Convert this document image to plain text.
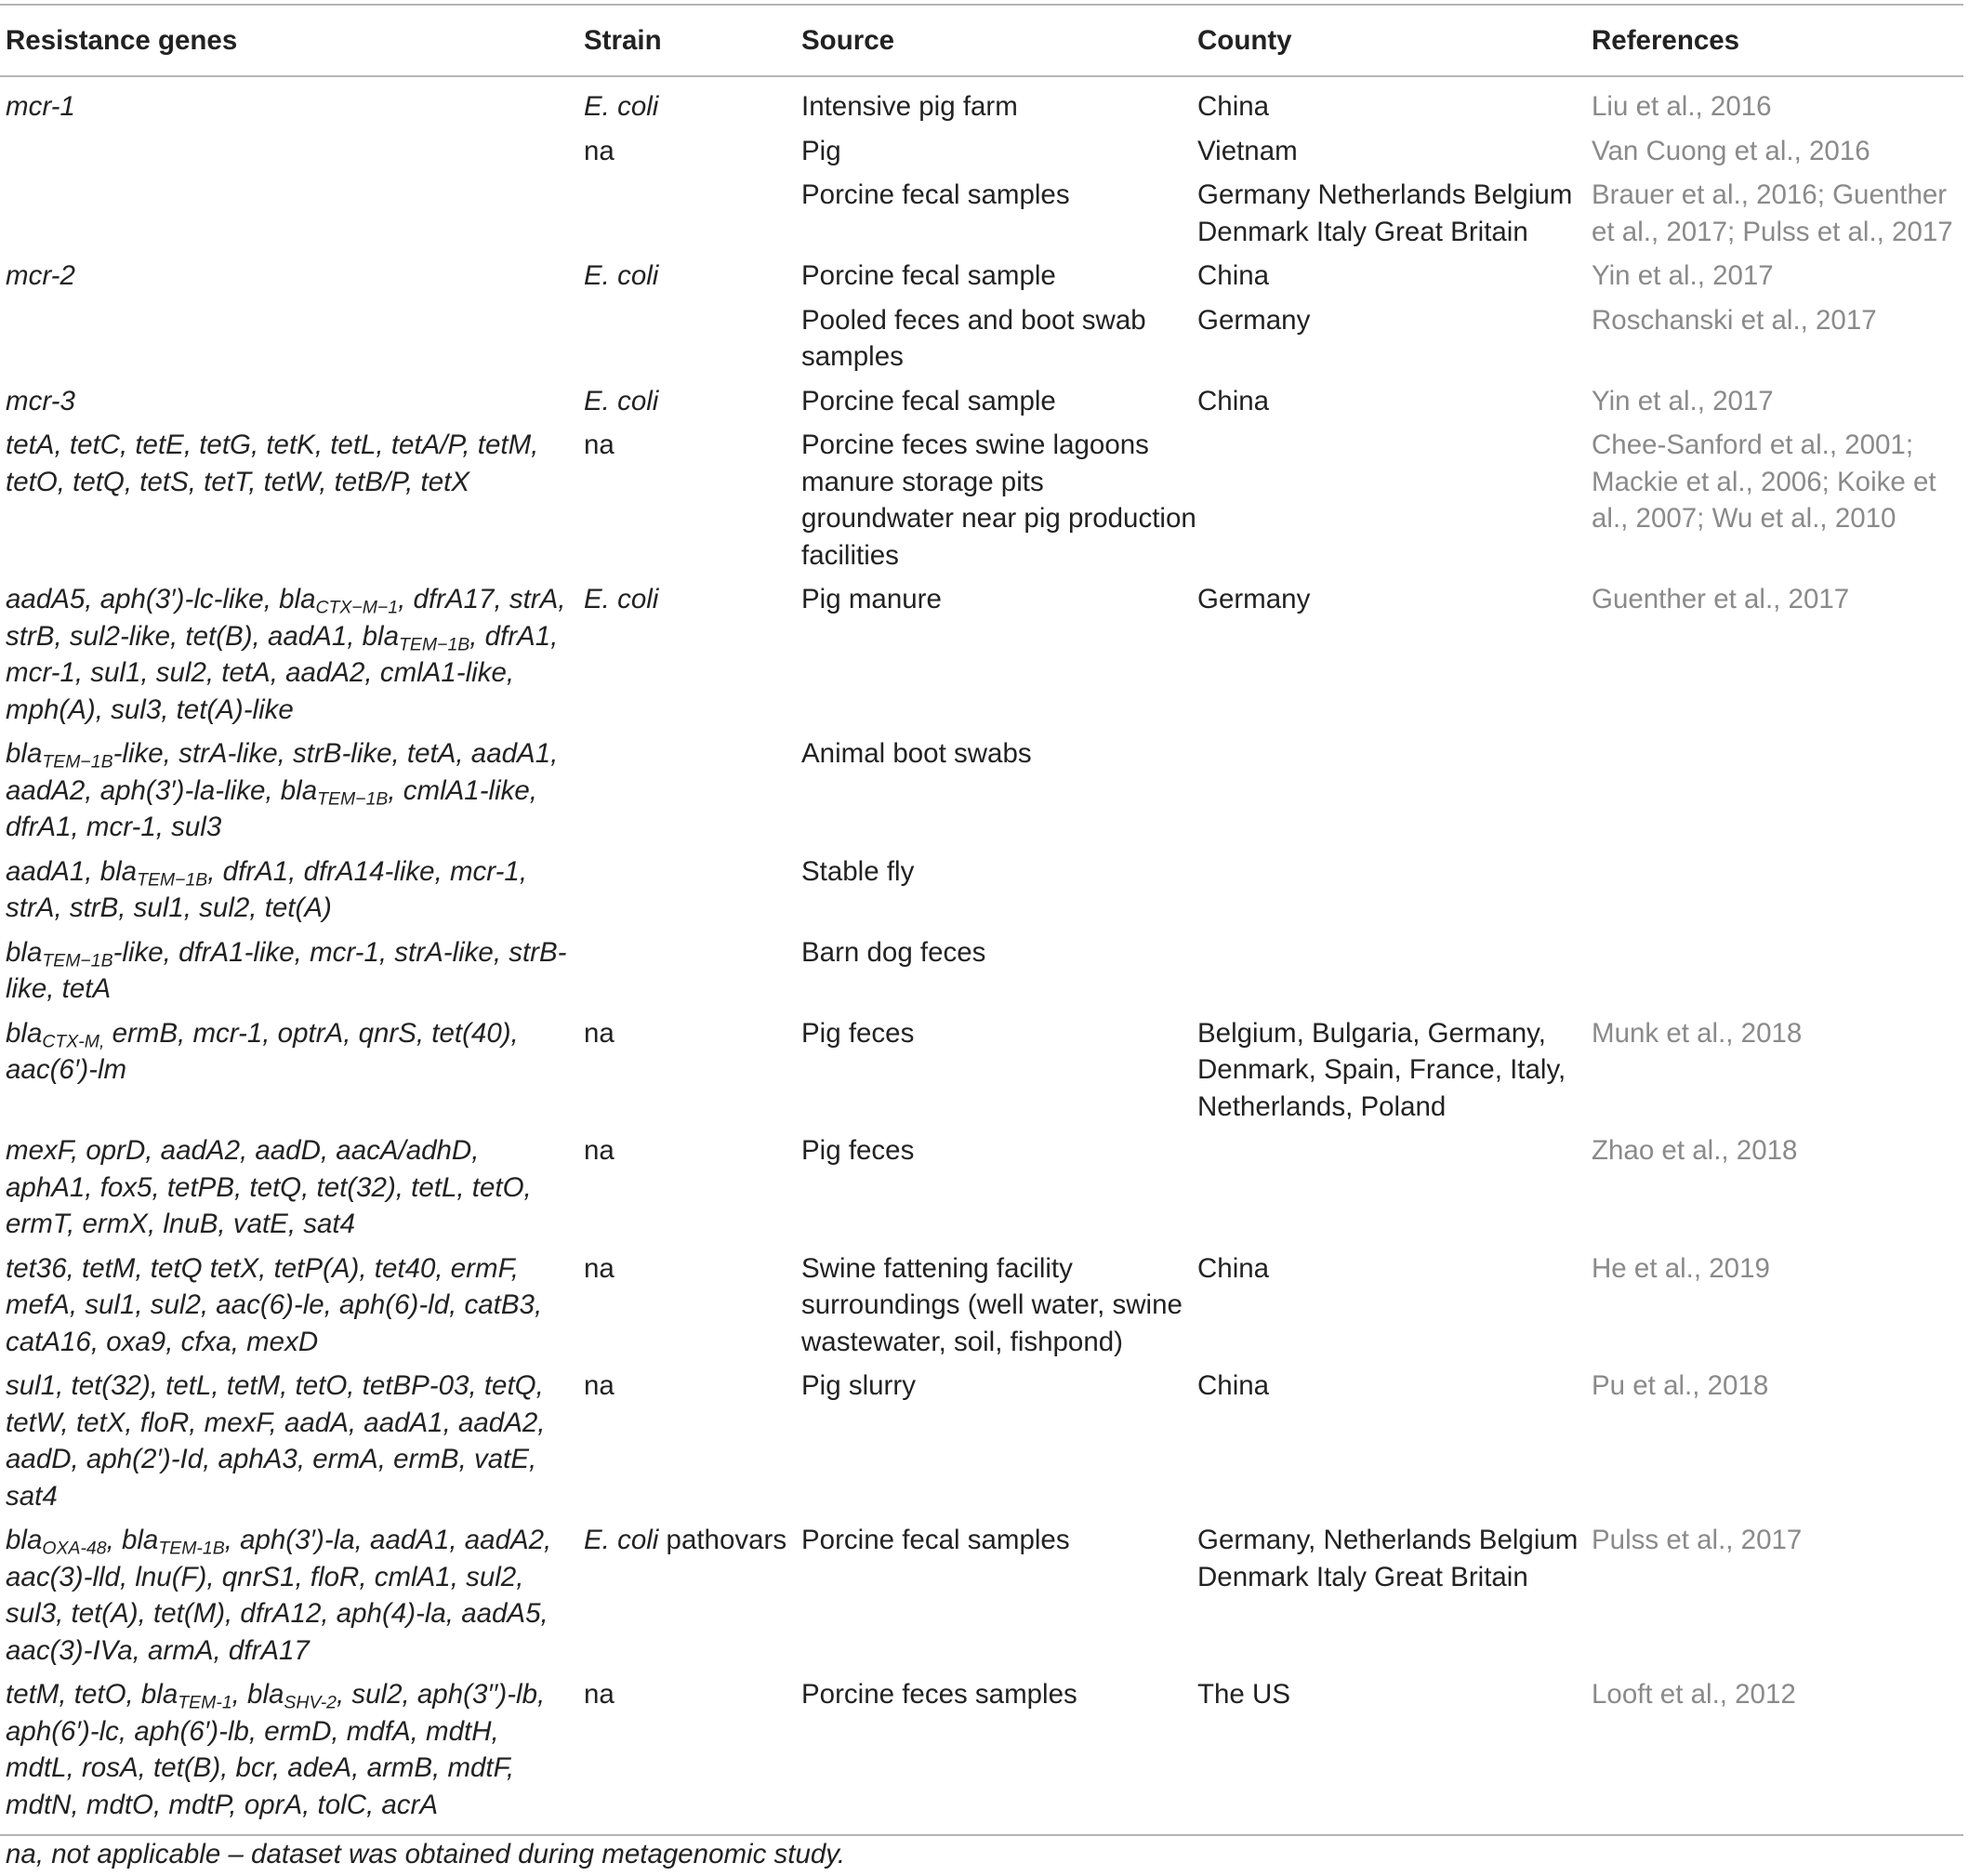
Resistance genes	Strain	Source	County	References
mcr-1	E. coli	Intensive pig farm	China	Liu et al., 2016
	na	Pig	Vietnam	Van Cuong et al., 2016
		Porcine fecal samples	Germany Netherlands Belgium Denmark Italy Great Britain	Brauer et al., 2016; Guenther et al., 2017; Pulss et al., 2017
mcr-2	E. coli	Porcine fecal sample	China	Yin et al., 2017
		Pooled feces and boot swab samples	Germany	Roschanski et al., 2017
mcr-3	E. coli	Porcine fecal sample	China	Yin et al., 2017
tetA, tetC, tetE, tetG, tetK, tetL, tetA/P, tetM, tetO, tetQ, tetS, tetT, tetW, tetB/P, tetX	na	Porcine feces swine lagoons manure storage pits groundwater near pig production facilities		Chee-Sanford et al., 2001; Mackie et al., 2006; Koike et al., 2007; Wu et al., 2010
aadA5, aph(3′)-lc-like, bla$_{CTX-M-1}$, dfrA17, strA, strB, sul2-like, tet(B), aadA1, bla$_{TEM-1B}$, dfrA1, mcr-1, sul1, sul2, tetA, aadA2, cmlA1-like, mph(A), sul3, tet(A)-like	E. coli	Pig manure	Germany	Guenther et al., 2017
bla$_{TEM-1B}$-like, strA-like, strB-like, tetA, aadA1, aadA2, aph(3′)-la-like, bla$_{TEM-1B}$, cmlA1-like, dfrA1, mcr-1, sul3		Animal boot swabs		
aadA1, bla$_{TEM-1B}$, dfrA1, dfrA14-like, mcr-1, strA, strB, sul1, sul2, tet(A)		Stable fly		
bla$_{TEM-1B}$-like, dfrA1-like, mcr-1, strA-like, strB-like, tetA		Barn dog feces		
bla$_{CTX-M,}$ ermB, mcr-1, optrA, qnrS, tet(40), aac(6′)-lm	na	Pig feces	Belgium, Bulgaria, Germany, Denmark, Spain, France, Italy, Netherlands, Poland	Munk et al., 2018
mexF, oprD, aadA2, aadD, aacA/adhD, aphA1, fox5, tetPB, tetQ, tet(32), tetL, tetO, ermT, ermX, lnuB, vatE, sat4	na	Pig feces		Zhao et al., 2018
tet36, tetM, tetQ tetX, tetP(A), tet40, ermF, mefA, sul1, sul2, aac(6)-le, aph(6)-ld, catB3, catA16, oxa9, cfxa, mexD	na	Swine fattening facility surroundings (well water, swine wastewater, soil, fishpond)	China	He et al., 2019
sul1, tet(32), tetL, tetM, tetO, tetBP-03, tetQ, tetW, tetX, floR, mexF, aadA, aadA1, aadA2, aadD, aph(2′)-Id, aphA3, ermA, ermB, vatE, sat4	na	Pig slurry	China	Pu et al., 2018
bla$_{OXA-48}$, bla$_{TEM-1B}$, aph(3′)-la, aadA1, aadA2, aac(3)-lld, lnu(F), qnrS1, floR, cmlA1, sul2, sul3, tet(A), tet(M), dfrA12, aph(4)-la, aadA5, aac(3)-IVa, armA, dfrA17	E. coli pathovars	Porcine fecal samples	Germany, Netherlands Belgium Denmark Italy Great Britain	Pulss et al., 2017
tetM, tetO, bla$_{TEM-1}$, bla$_{SHV-2}$, sul2, aph(3′′)-lb, aph(6′)-lc, aph(6′)-lb, ermD, mdfA, mdtH, mdtL, rosA, tet(B), bcr, adeA, armB, mdtF, mdtN, mdtO, mdtP, oprA, tolC, acrA	na	Porcine feces samples	The US	Looft et al., 2012
na, not applicable – dataset was obtained during metagenomic study.
